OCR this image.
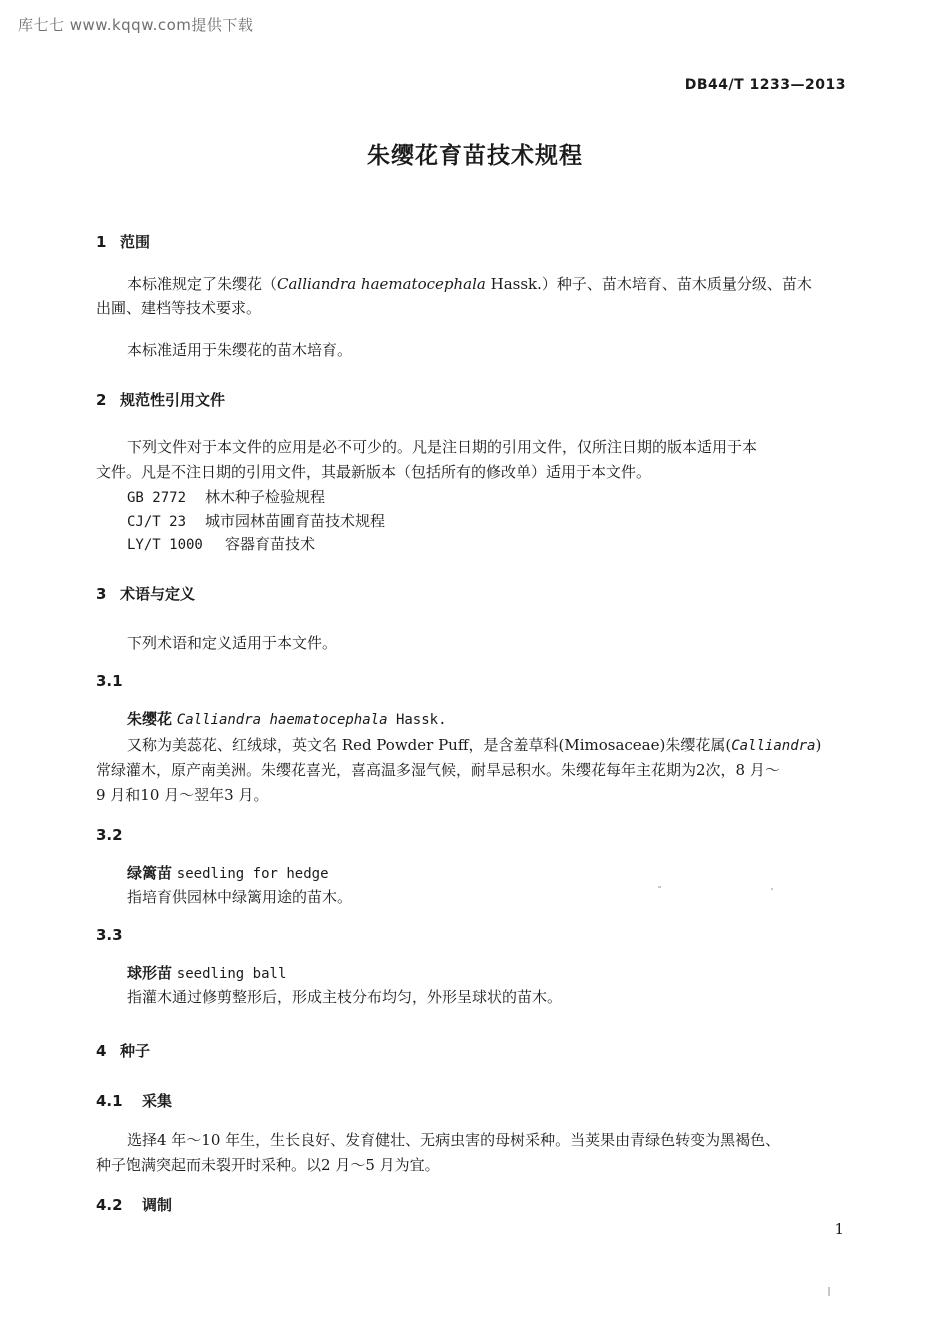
库七七 www.kqqw.com提供下载
DB44/T 1233—2013
朱缨花育苗技术规程
1 范围
本标准规定了朱缨花（Calliandra haematocephala Hassk.）种子、苗木培育、苗木质量分级、苗木
出圃、建档等技术要求。
本标准适用于朱缨花的苗木培育。
2 规范性引用文件
下列文件对于本文件的应用是必不可少的。凡是注日期的引用文件，仅所注日期的版本适用于本
文件。凡是不注日期的引用文件，其最新版本（包括所有的修改单）适用于本文件。
GB 2772 林木种子检验规程
CJ/T 23 城市园林苗圃育苗技术规程
LY/T 1000 容器育苗技术
3 术语与定义
下列术语和定义适用于本文件。
3.1
朱缨花 Calliandra haematocephala Hassk.
又称为美蕊花、红绒球，英文名 Red Powder Puff，是含羞草科(Mimosaceae)朱缨花属(Calliandra)
常绿灌木，原产南美洲。朱缨花喜光，喜高温多湿气候，耐旱忌积水。朱缨花每年主花期为2次，8 月～
9 月和10 月～翌年3 月。
3.2
绿篱苗 seedling for hedge
指培育供园林中绿篱用途的苗木。
3.3
球形苗 seedling ball
指灌木通过修剪整形后，形成主枝分布均匀，外形呈球状的苗木。
4 种子
4.1 采集
选择4 年～10 年生，生长良好、发育健壮、无病虫害的母树采种。当荚果由青绿色转变为黑褐色、
种子饱满突起而未裂开时采种。以2 月～5 月为宜。
4.2 调制
1
